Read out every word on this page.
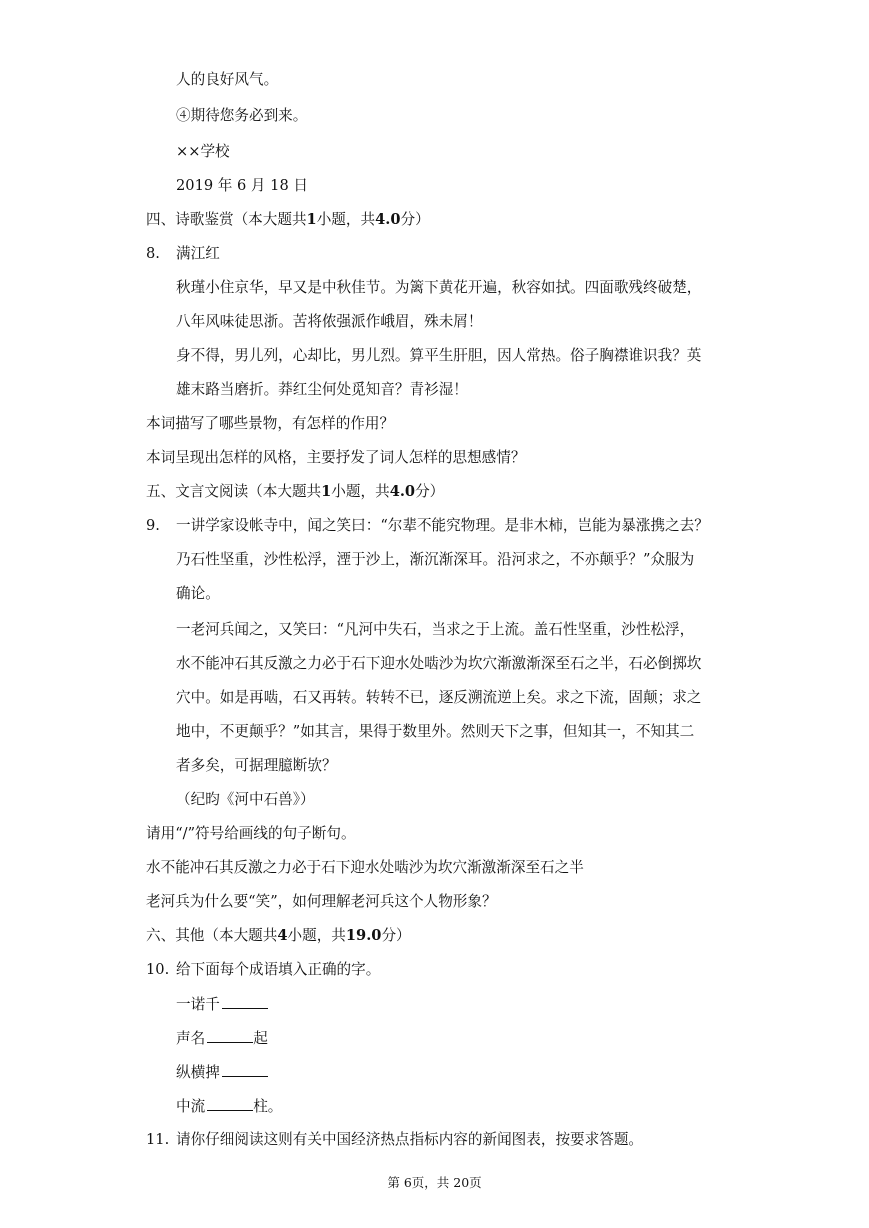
人的良好风气。
④期待您务必到来。
××学校
2019 年 6 月 18 日
四、诗歌鉴赏（本大题共1小题，共4.0分）
8. 满江红
秋瑾小住京华，早又是中秋佳节。为篱下黄花开遍，秋容如拭。四面歌残终破楚，
八年风味徒思浙。苦将侬强派作峨眉，殊未屑！
身不得，男儿列，心却比，男儿烈。算平生肝胆，因人常热。俗子胸襟谁识我？英
雄末路当磨折。莽红尘何处觅知音？青衫湿！
本词描写了哪些景物，有怎样的作用？
本词呈现出怎样的风格，主要抒发了词人怎样的思想感情？
五、文言文阅读（本大题共1小题，共4.0分）
9. 一讲学家设帐寺中，闻之笑曰：“尔辈不能究物理。是非木柿，岂能为暴涨携之去？
乃石性坚重，沙性松浮，湮于沙上，渐沉渐深耳。沿河求之，不亦颠乎？”众服为
确论。
一老河兵闻之，又笑曰：“凡河中失石，当求之于上流。盖石性坚重，沙性松浮，
水不能冲石其反激之力必于石下迎水处啮沙为坎穴渐激渐深至石之半，石必倒掷坎
穴中。如是再啮，石又再转。转转不已，逐反溯流逆上矣。求之下流，固颠；求之
地中，不更颠乎？”如其言，果得于数里外。然则天下之事，但知其一，不知其二
者多矣，可据理臆断欤？
（纪昀《河中石兽》）
请用“/”符号给画线的句子断句。
水不能冲石其反激之力必于石下迎水处啮沙为坎穴渐激渐深至石之半
老河兵为什么要“笑”，如何理解老河兵这个人物形象？
六、其他（本大题共4小题，共19.0分）
10. 给下面每个成语填入正确的字。
一诺千
声名	起
纵横捭
中流	柱。
11. 请你仔细阅读这则有关中国经济热点指标内容的新闻图表，按要求答题。
第 6页，共 20页
